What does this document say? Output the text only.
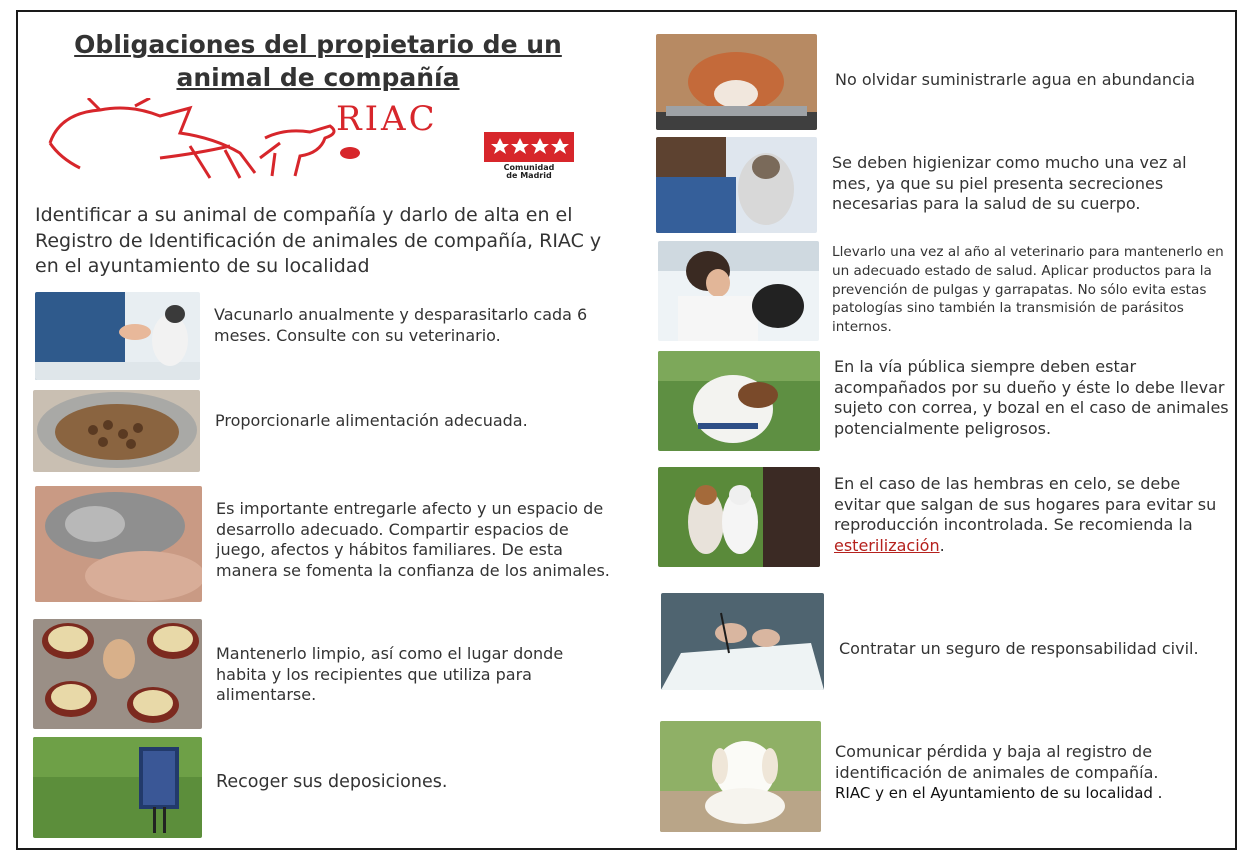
Obligaciones del propietario de un animal de compañía
RIAC
Comunidad
de Madrid
Identificar a su animal de compañía y darlo de alta en el Registro de Identificación de animales de compañía, RIAC y en el ayuntamiento de su localidad
Vacunarlo anualmente y desparasitarlo cada 6 meses. Consulte con su veterinario.
Proporcionarle alimentación adecuada.
Es importante entregarle afecto y un espacio de desarrollo adecuado. Compartir espacios de juego, afectos y hábitos familiares. De esta manera se fomenta la confianza de los animales.
Mantenerlo limpio, así como el lugar donde habita y los recipientes que utiliza para alimentarse.
Recoger sus deposiciones.
No olvidar suministrarle agua en abundancia
Se deben higienizar como mucho una vez al mes, ya que su piel presenta secreciones necesarias para la salud de su cuerpo.
Llevarlo una vez al año al veterinario para mantenerlo en un adecuado estado de salud. Aplicar productos para la prevención de pulgas y garrapatas. No sólo evita estas patologías sino también la transmisión de parásitos internos.
En la vía pública siempre deben estar acompañados por su dueño y éste lo debe llevar sujeto con correa, y bozal en el caso de animales potencialmente peligrosos.
En el caso de las hembras en celo, se debe evitar que salgan de sus hogares para evitar su reproducción incontrolada. Se recomienda la esterilización.
Contratar un seguro de responsabilidad civil.
Comunicar pérdida y baja al registro de identificación de animales de compañía.
RIAC y en el Ayuntamiento de su localidad .
